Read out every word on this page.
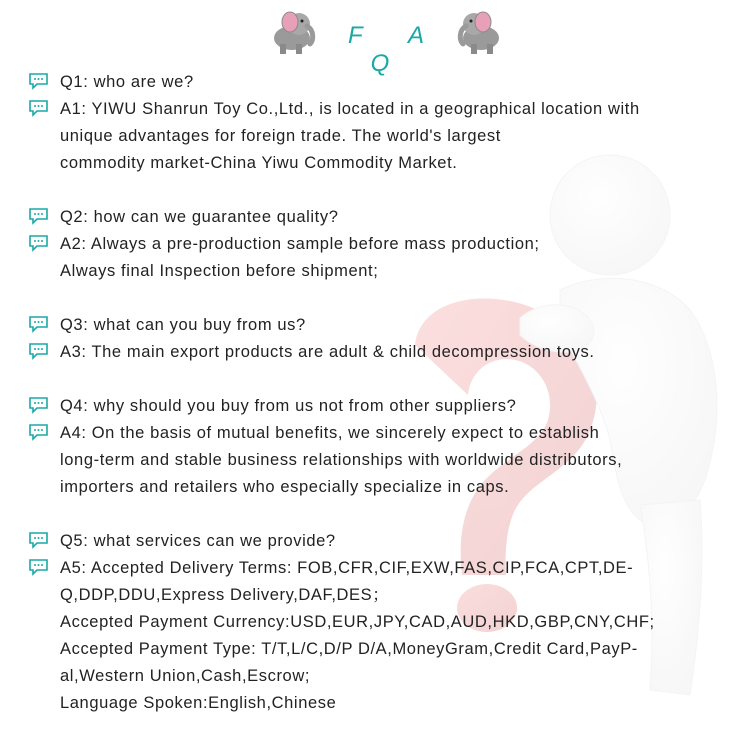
F A Q
Q1: who are we?
A1: YIWU Shanrun Toy Co.,Ltd., is located in a geographical location with
unique advantages for foreign trade. The world's largest
commodity market-China Yiwu Commodity Market.
Q2: how can we guarantee quality?
A2: Always a pre-production sample before mass production;
Always final Inspection before shipment;
Q3: what can you buy from us?
A3: The main export products are adult & child decompression toys.
Q4: why should you buy from us not from other suppliers?
A4: On the basis of mutual benefits, we sincerely expect to establish
long-term and stable business relationships with worldwide distributors,
importers and retailers who especially specialize in caps.
Q5: what services can we provide?
A5: Accepted Delivery Terms: FOB,CFR,CIF,EXW,FAS,CIP,FCA,CPT,DE-
Q,DDP,DDU,Express Delivery,DAF,DES；
Accepted Payment Currency:USD,EUR,JPY,CAD,AUD,HKD,GBP,CNY,CHF;
Accepted Payment Type: T/T,L/C,D/P D/A,MoneyGram,Credit Card,PayP-
al,Western Union,Cash,Escrow;
Language Spoken:English,Chinese
